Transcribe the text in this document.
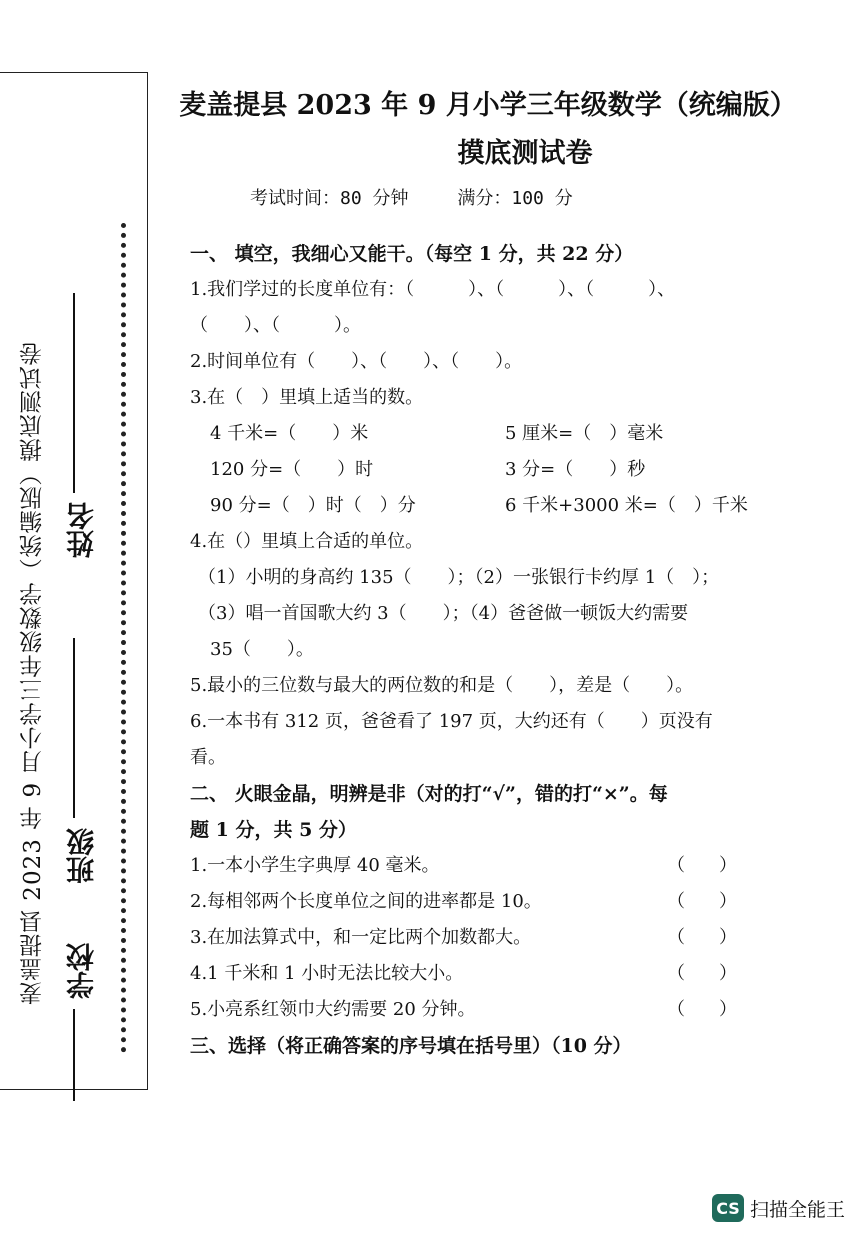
麦盖提县 2023 年 9 月小学三年级数学（统编版）摸底测试卷 学校  班级   姓名
麦盖提县 2023 年 9 月小学三年级数学（统编版）
摸底测试卷
考试时间：80 分钟	满分：100 分
一、 填空，我细心又能干。（每空 1 分，共 22 分）
1.我们学过的长度单位有：（　　　）、（　　　）、（　　　）、
（　　）、（　　　）。
2.时间单位有（　　）、（　　）、（　　）。
3.在（　）里填上适当的数。
4 千米=（　　）米	5 厘米=（　）毫米
120 分=（　　）时	3 分=（　　）秒
90 分=（　）时（　）分	6 千米+3000 米=（　）千米
4.在（）里填上合适的单位。
（1）小明的身高约 135（　　）；（2）一张银行卡约厚 1（　）；
（3）唱一首国歌大约 3（　　）；（4）爸爸做一顿饭大约需要
35（　　）。
5.最小的三位数与最大的两位数的和是（　　），差是（　　）。
6.一本书有 312 页，爸爸看了 197 页，大约还有（　　）页没有
看。
二、 火眼金晶，明辨是非（对的打“√”，错的打“×”。每
题 1 分，共 5 分）
1.一本小学生字典厚 40 毫米。	（　）
2.每相邻两个长度单位之间的进率都是 10。	（　）
3.在加法算式中，和一定比两个加数都大。	（　）
4.1 千米和 1 小时无法比较大小。	（　）
5.小亮系红领巾大约需要 20 分钟。	（　）
三、选择（将正确答案的序号填在括号里）（10 分）
CS 扫描全能王
